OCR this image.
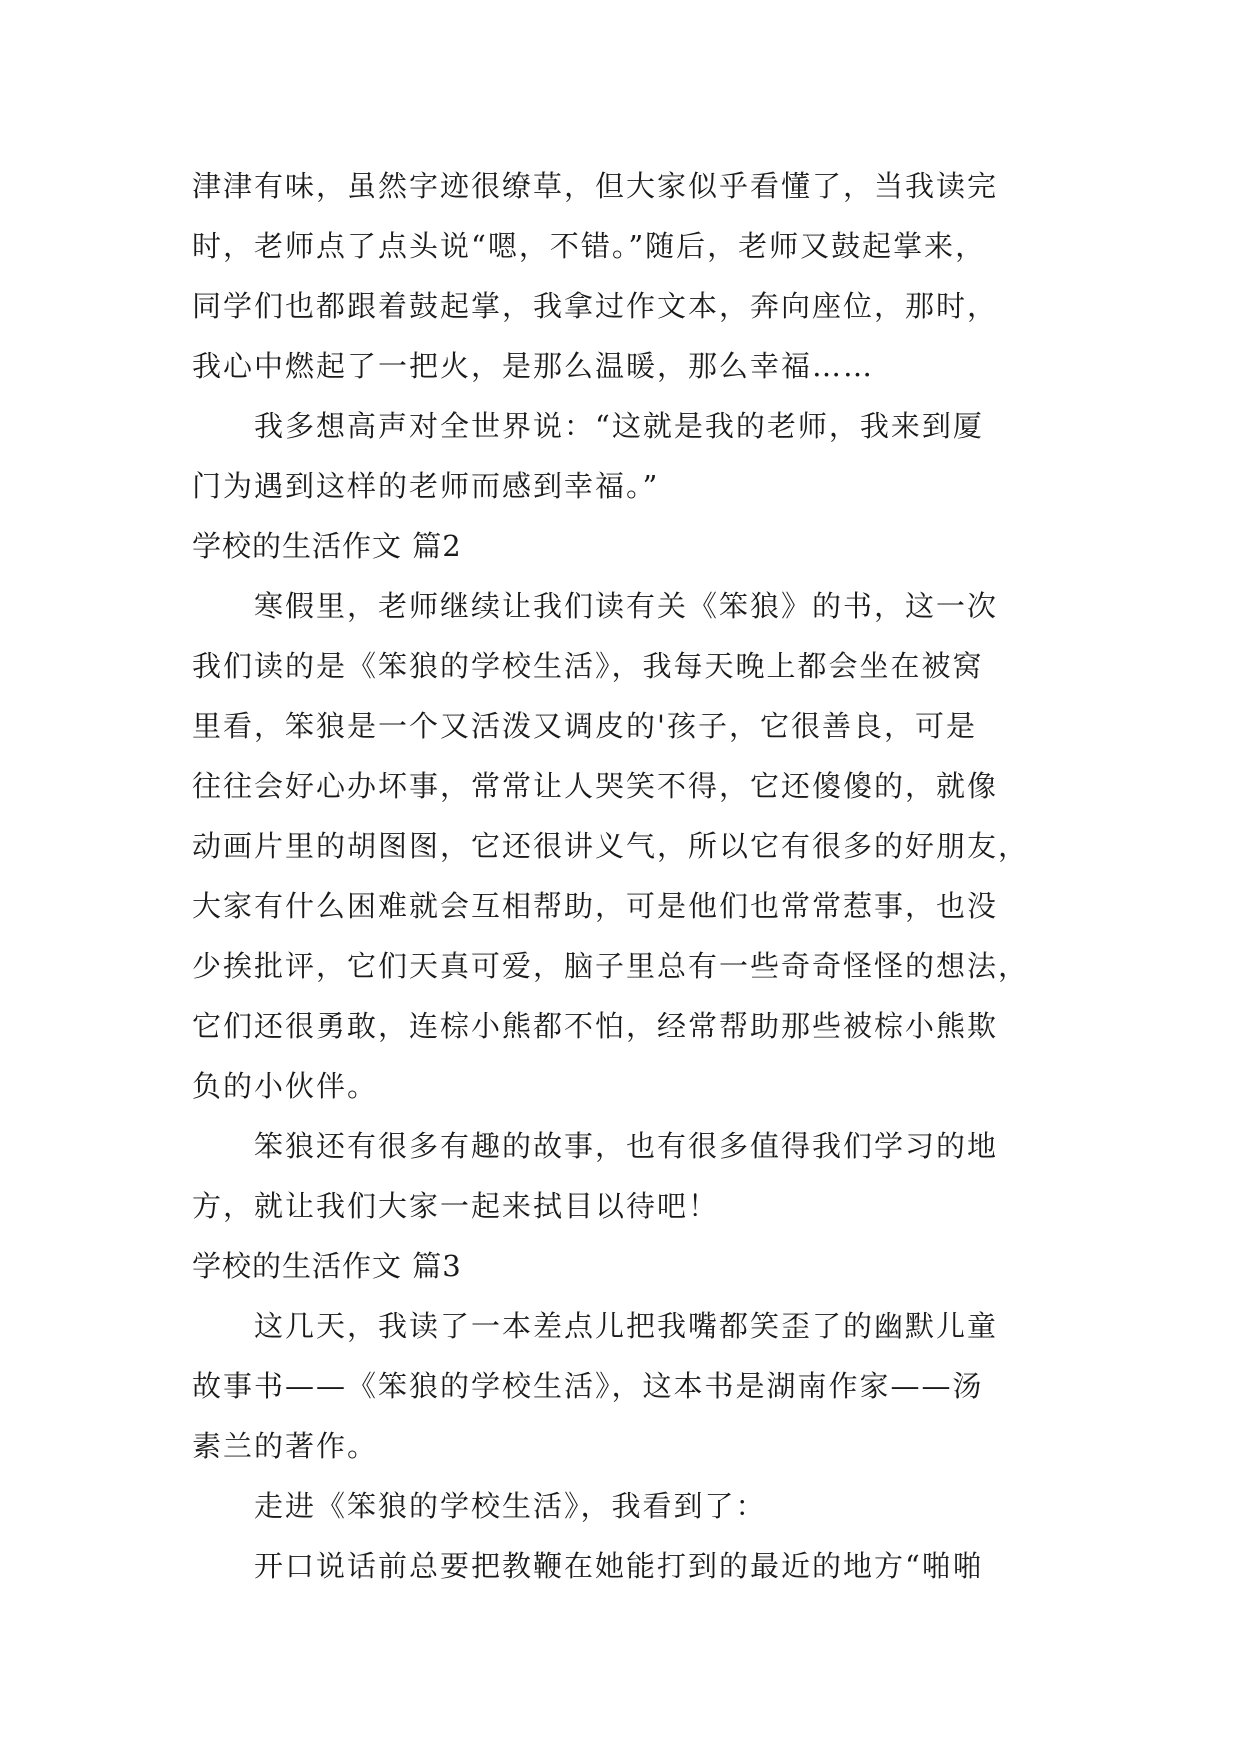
津津有味，虽然字迹很缭草，但大家似乎看懂了，当我读完
时，老师点了点头说“嗯，不错。”随后，老师又鼓起掌来，
同学们也都跟着鼓起掌，我拿过作文本，奔向座位，那时，
我心中燃起了一把火，是那么温暖，那么幸福……
我多想高声对全世界说：“这就是我的老师，我来到厦
门为遇到这样的老师而感到幸福。”
学校的生活作文 篇2
寒假里，老师继续让我们读有关《笨狼》的书，这一次
我们读的是《笨狼的学校生活》，我每天晚上都会坐在被窝
里看，笨狼是一个又活泼又调皮的'孩子，它很善良，可是
往往会好心办坏事，常常让人哭笑不得，它还傻傻的，就像
动画片里的胡图图，它还很讲义气，所以它有很多的好朋友，
大家有什么困难就会互相帮助，可是他们也常常惹事，也没
少挨批评，它们天真可爱，脑子里总有一些奇奇怪怪的想法，
它们还很勇敢，连棕小熊都不怕，经常帮助那些被棕小熊欺
负的小伙伴。
笨狼还有很多有趣的故事，也有很多值得我们学习的地
方，就让我们大家一起来拭目以待吧！
学校的生活作文 篇3
这几天，我读了一本差点儿把我嘴都笑歪了的幽默儿童
故事书——《笨狼的学校生活》，这本书是湖南作家——汤
素兰的著作。
走进《笨狼的学校生活》，我看到了：
开口说话前总要把教鞭在她能打到的最近的地方“啪啪
